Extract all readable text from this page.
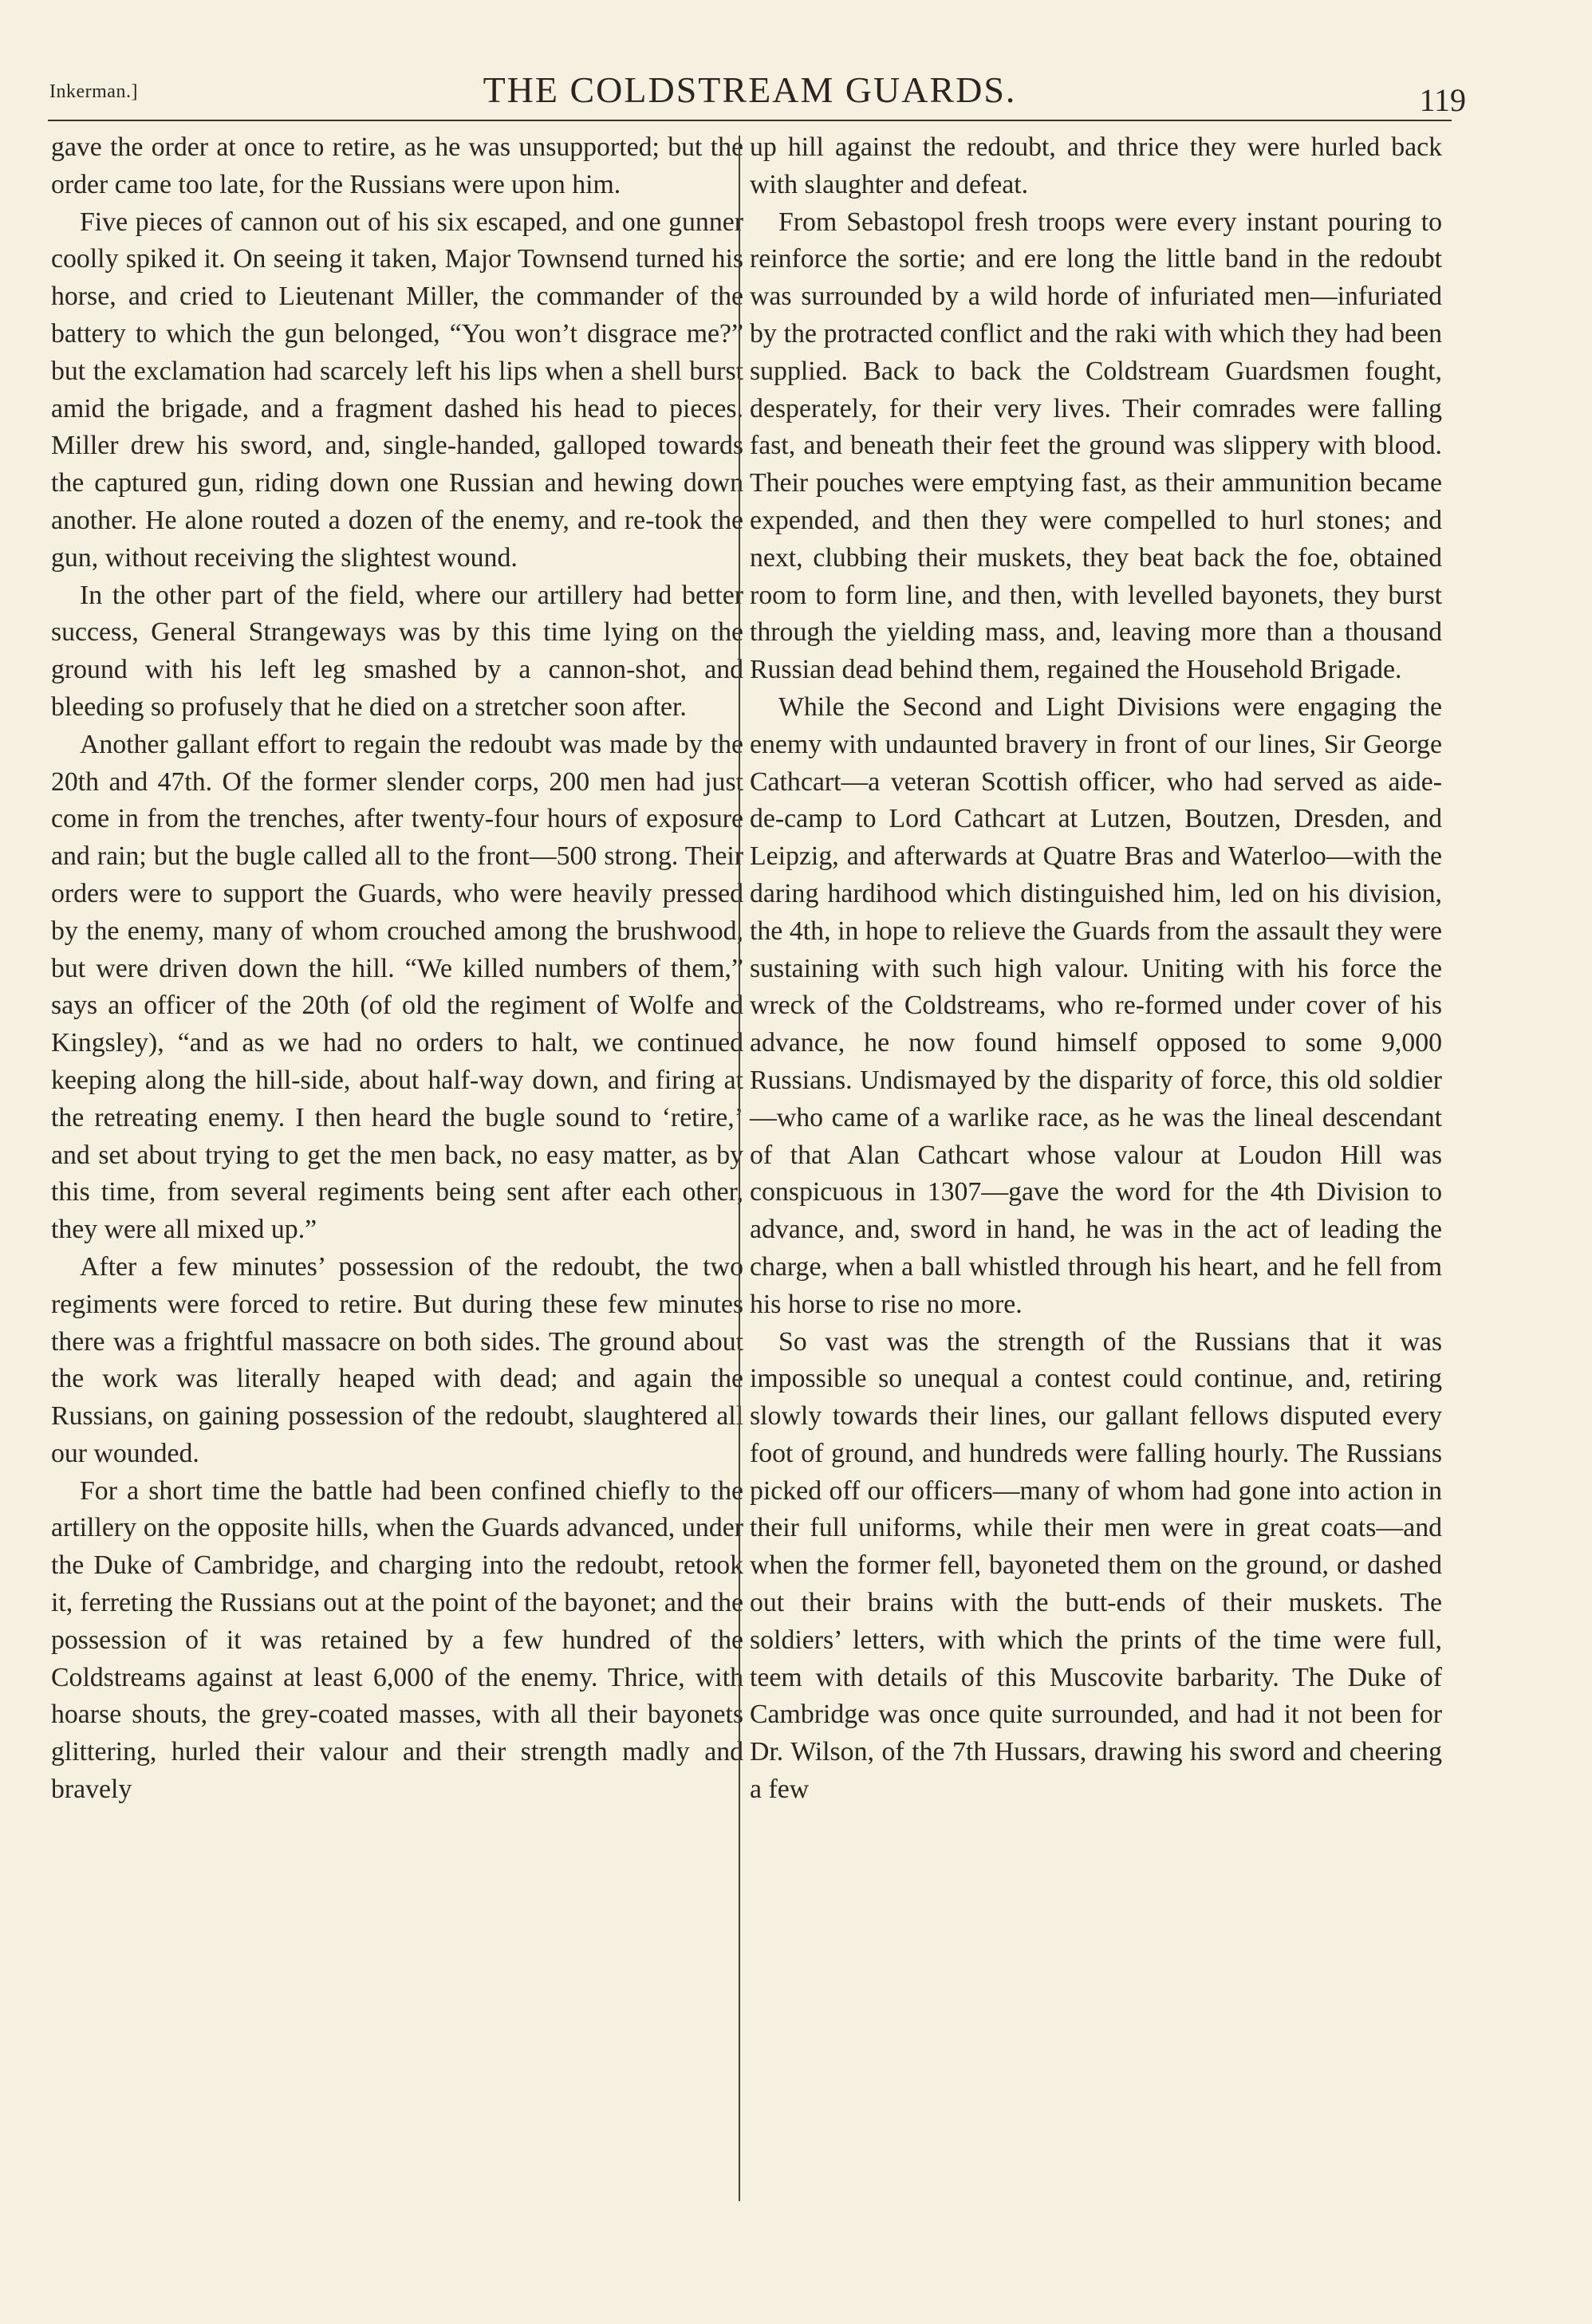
Inkerman.]	THE COLDSTREAM GUARDS.	119

gave the order at once to retire, as he was unsupported; but the order came too late, for the Russians were upon him.

Five pieces of cannon out of his six escaped, and one gunner coolly spiked it. On seeing it taken, Major Townsend turned his horse, and cried to Lieutenant Miller, the commander of the battery to which the gun belonged, “You won’t disgrace me?” but the exclamation had scarcely left his lips when a shell burst amid the brigade, and a fragment dashed his head to pieces. Miller drew his sword, and, single-handed, galloped towards the captured gun, riding down one Russian and hewing down another. He alone routed a dozen of the enemy, and re-took the gun, without receiving the slightest wound.

In the other part of the field, where our artillery had better success, General Strangeways was by this time lying on the ground with his left leg smashed by a cannon-shot, and bleeding so profusely that he died on a stretcher soon after.

Another gallant effort to regain the redoubt was made by the 20th and 47th. Of the former slender corps, 200 men had just come in from the trenches, after twenty-four hours of exposure and rain; but the bugle called all to the front—500 strong. Their orders were to support the Guards, who were heavily pressed by the enemy, many of whom crouched among the brushwood, but were driven down the hill. “We killed numbers of them,” says an officer of the 20th (of old the regiment of Wolfe and Kingsley), “and as we had no orders to halt, we continued keeping along the hill-side, about half-way down, and firing at the retreating enemy. I then heard the bugle sound to ‘retire,’ and set about trying to get the men back, no easy matter, as by this time, from several regiments being sent after each other, they were all mixed up.”

After a few minutes’ possession of the redoubt, the two regiments were forced to retire. But during these few minutes there was a frightful massacre on both sides. The ground about the work was literally heaped with dead; and again the Russians, on gaining possession of the redoubt, slaughtered all our wounded.

For a short time the battle had been confined chiefly to the artillery on the opposite hills, when the Guards advanced, under the Duke of Cambridge, and charging into the redoubt, retook it, ferreting the Russians out at the point of the bayonet; and the possession of it was retained by a few hundred of the Coldstreams against at least 6,000 of the enemy. Thrice, with hoarse shouts, the grey-coated masses, with all their bayonets glittering, hurled their valour and their strength madly and bravely

up hill against the redoubt, and thrice they were hurled back with slaughter and defeat.

From Sebastopol fresh troops were every instant pouring to reinforce the sortie; and ere long the little band in the redoubt was surrounded by a wild horde of infuriated men—infuriated by the protracted conflict and the raki with which they had been supplied. Back to back the Coldstream Guardsmen fought, desperately, for their very lives. Their comrades were falling fast, and beneath their feet the ground was slippery with blood. Their pouches were emptying fast, as their ammunition became expended, and then they were compelled to hurl stones; and next, clubbing their muskets, they beat back the foe, obtained room to form line, and then, with levelled bayonets, they burst through the yielding mass, and, leaving more than a thousand Russian dead behind them, regained the Household Brigade.

While the Second and Light Divisions were engaging the enemy with undaunted bravery in front of our lines, Sir George Cathcart—a veteran Scottish officer, who had served as aide-de-camp to Lord Cathcart at Lutzen, Boutzen, Dresden, and Leipzig, and afterwards at Quatre Bras and Waterloo—with the daring hardihood which distinguished him, led on his division, the 4th, in hope to relieve the Guards from the assault they were sustaining with such high valour. Uniting with his force the wreck of the Coldstreams, who re-formed under cover of his advance, he now found himself opposed to some 9,000 Russians. Undismayed by the disparity of force, this old soldier—who came of a warlike race, as he was the lineal descendant of that Alan Cathcart whose valour at Loudon Hill was conspicuous in 1307—gave the word for the 4th Division to advance, and, sword in hand, he was in the act of leading the charge, when a ball whistled through his heart, and he fell from his horse to rise no more.

So vast was the strength of the Russians that it was impossible so unequal a contest could continue, and, retiring slowly towards their lines, our gallant fellows disputed every foot of ground, and hundreds were falling hourly. The Russians picked off our officers—many of whom had gone into action in their full uniforms, while their men were in great coats—and when the former fell, bayoneted them on the ground, or dashed out their brains with the butt-ends of their muskets. The soldiers’ letters, with which the prints of the time were full, teem with details of this Muscovite barbarity. The Duke of Cambridge was once quite surrounded, and had it not been for Dr. Wilson, of the 7th Hussars, drawing his sword and cheering a few
